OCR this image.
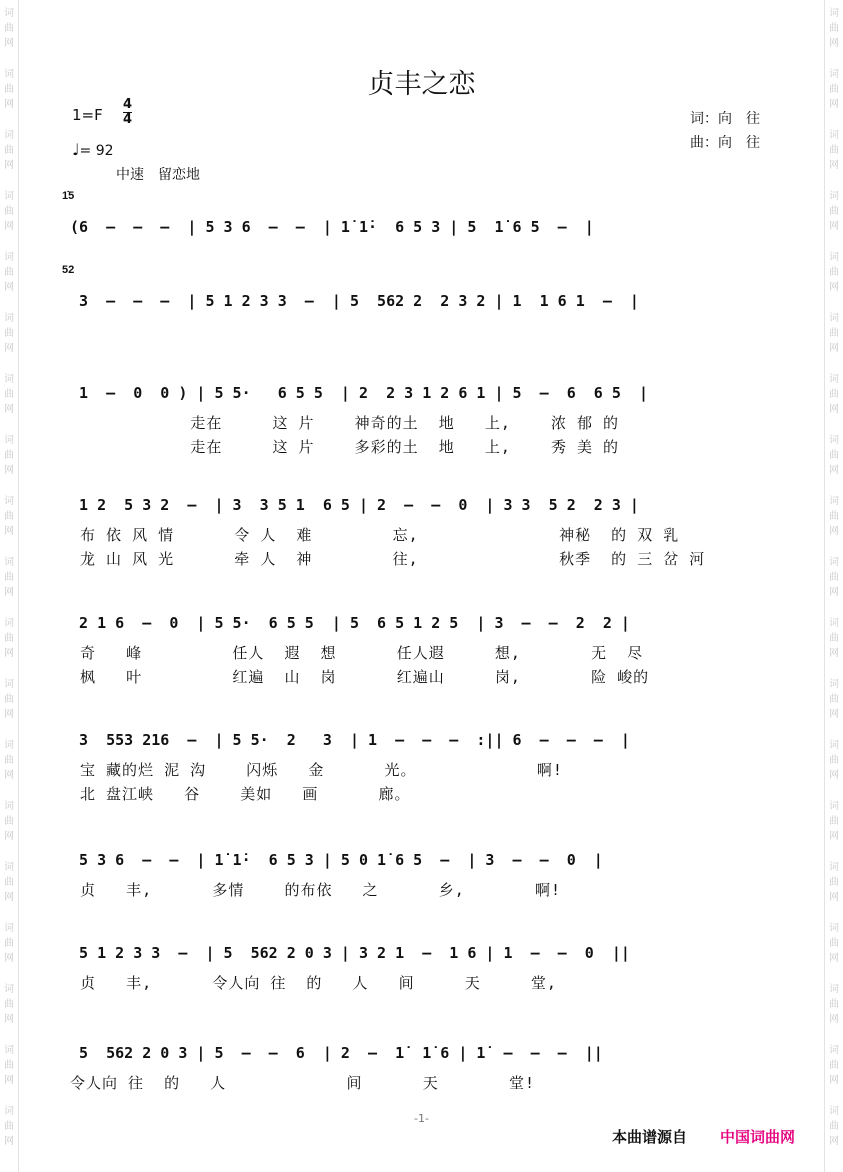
词
曲
网
词
曲
网
词
曲
网
词
曲
网
词
曲
网
词
曲
网
词
曲
网
词
曲
网
词
曲
网
词
曲
网
词
曲
网
词
曲
网
词
曲
网
词
曲
网
词
曲
网
词
曲
网
词
曲
网
词
曲
网
词
曲
网
词
曲
网
词
曲
网
词
曲
网
词
曲
网
词
曲
网
词
曲
网
词
曲
网
词
曲
网
词
曲
网
词
曲
网
词
曲
网
词
曲
网
词
曲
网
词
曲
网
词
曲
网
词
曲
网
词
曲
网
词
曲
网
词
曲
网
贞丰之恋
1=F
4
4
♩= 92
中速　留恋地
词：向　往
曲：向　往
1̇5
(6  –  –  –  | 5 3 6  –  –  | 1̇ 1̇·  6 5 3 | 5  1̇ 6 5  –  |
52
3  –  –  –  | 5 1 2 3 3  –  | 5  562 2  2 3 2 | 1  1 6 1  –  |
1  –  0  0 ) | 5 5·   6 5 5  | 2  2 3 1 2 6 1 | 5  –  6  6 5  |
走在     这 片    神奇的土  地   上,    浓 郁 的
走在     这 片    多彩的土  地   上,    秀 美 的
1 2  5 3 2  –  | 3  3 5 1  6 5 | 2  –  –  0  | 3 3  5 2  2 3 |
布 依 风 情      令 人  难        忘,              神秘  的 双 乳
龙 山 风 光      牵 人  神        往,              秋季  的 三 岔 河
2 1 6  –  0  | 5 5·  6 5 5  | 5  6 5 1 2 5  | 3  –  –  2  2 |
奇   峰         任人  遐  想      任人遐     想,       无  尽
枫   叶         红遍  山  岗      红遍山     岗,       险 峻的
3  553 216  –  | 5 5·  2   3  | 1  –  –  –  :|| 6  –  –  –  |
宝 藏的烂 泥 沟    闪烁   金      光。            啊!
北 盘江峡   谷    美如   画      廊。
5 3 6  –  –  | 1̇ 1̇·  6 5 3 | 5 0 1̇ 6 5  –  | 3  –  –  0  |
贞   丰,      多情    的布依   之      乡,       啊!
5 1 2 3 3  –  | 5  562 2 0 3 | 3 2 1  –  1 6 | 1  –  –  0  ||
贞   丰,      令人向 往  的   人   间     天     堂,
5  562 2 0 3 | 5  –  –  6  | 2  –  1̇  1̇ 6 | 1̇  –  –  –  ||
令人向 往  的   人            间      天       堂!
-1-
本曲谱源自 中国词曲网
